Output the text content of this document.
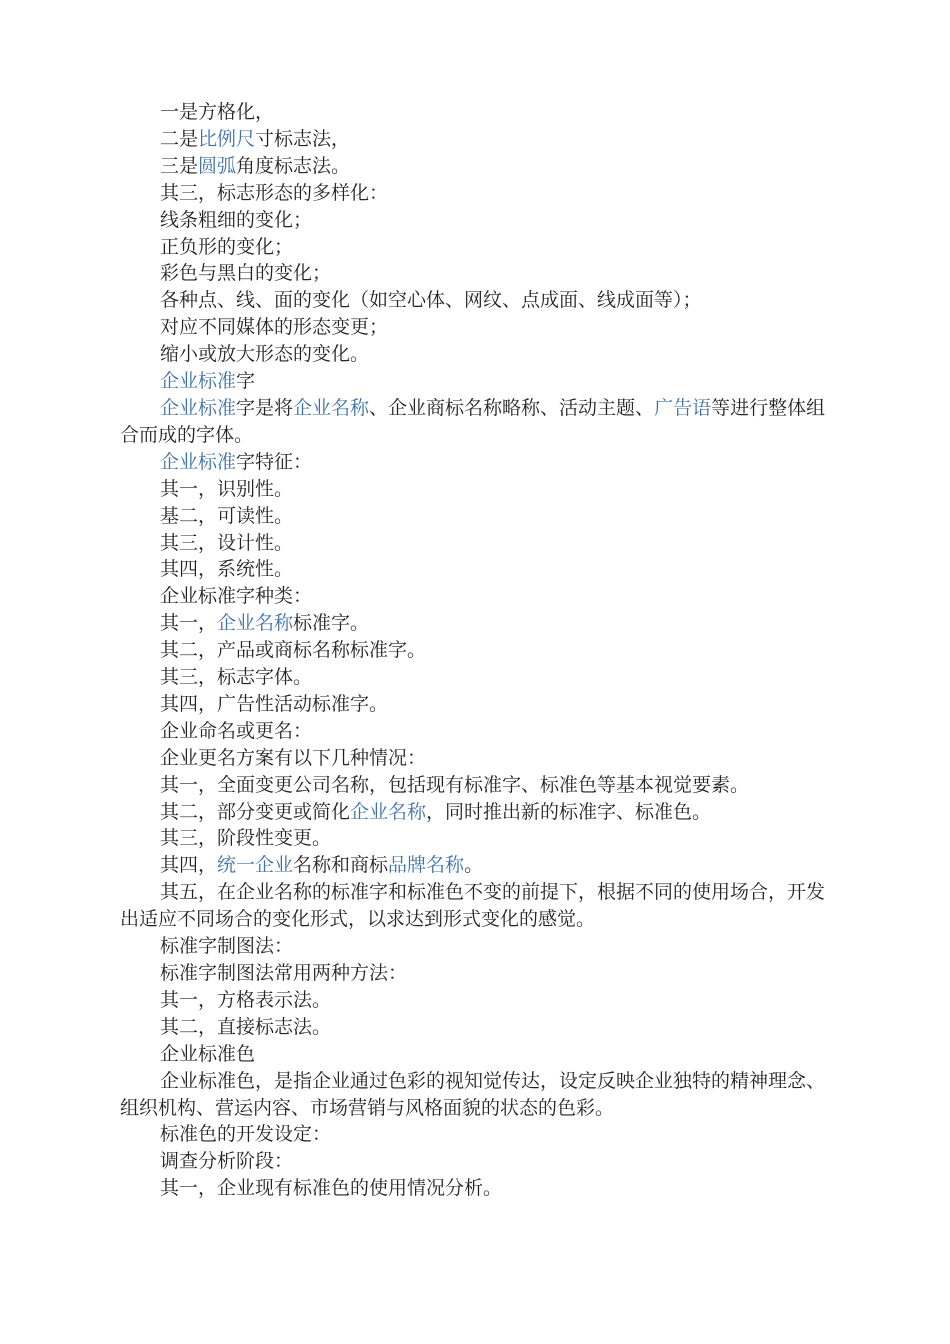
一是方格化，

二是比例尺寸标志法，

三是圆弧角度标志法。

其三，标志形态的多样化：

线条粗细的变化；

正负形的变化；

彩色与黑白的变化；

各种点、线、面的变化（如空心体、网纹、点成面、线成面等）；

对应不同媒体的形态变更；

缩小或放大形态的变化。

企业标准字

企业标准字是将企业名称、企业商标名称略称、活动主题、广告语等进行整体组合而成的字体。

企业标准字特征：

其一，识别性。

基二，可读性。

其三，设计性。

其四，系统性。

企业标准字种类：

其一，企业名称标准字。

其二，产品或商标名称标准字。

其三，标志字体。

其四，广告性活动标准字。

企业命名或更名：

企业更名方案有以下几种情况：

其一，全面变更公司名称，包括现有标准字、标准色等基本视觉要素。

其二，部分变更或简化企业名称，同时推出新的标准字、标准色。

其三，阶段性变更。

其四，统一企业名称和商标品牌名称。

其五，在企业名称的标准字和标准色不变的前提下，根据不同的使用场合，开发出适应不同场合的变化形式，以求达到形式变化的感觉。

标准字制图法：

标准字制图法常用两种方法：

其一，方格表示法。

其二，直接标志法。

企业标准色

企业标准色，是指企业通过色彩的视知觉传达，设定反映企业独特的精神理念、组织机构、营运内容、市场营销与风格面貌的状态的色彩。

标准色的开发设定：

调查分析阶段：

其一，企业现有标准色的使用情况分析。
